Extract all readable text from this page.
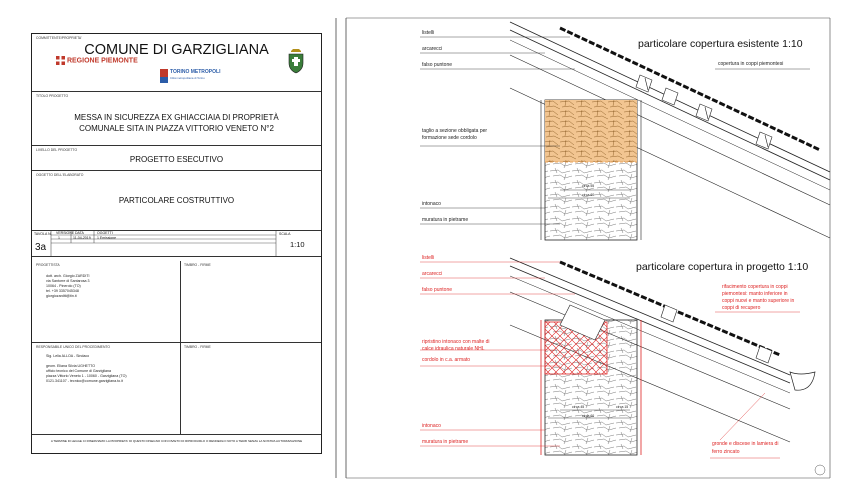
COMMITTENTE/PROPRIETA'
COMUNE DI GARZIGLIANA
REGIONE PIEMONTE
TORINO METROPOLI
Città metropolitana di Torino
TITOLO PROGETTO
MESSA IN SICUREZZA EX GHIACCIAIA DI PROPRIETÀ
COMUNALE SITA IN PIAZZA VITTORIO VENETO N°2
LIVELLO DEL PROGETTO
PROGETTO ESECUTIVO
OGGETTO DELL'ELABORATO
PARTICOLARE COSTRUTTIVO
TAVOLA N. VERSIONE DATA	OGGETTI	SCALA
1	11-04-2019 1 Emissione
3a	1:10
PROGETTISTA	TIMBRO - FIRME
dott. arch. Giorgio ZARDITI
via Santorre di Santarosa 3
10064 - Pinerolo (TO)
tel. +39 3357045348
giorgiozarditi@tin.it
RESPONSABILE UNICO DEL PROCEDIMENTO	TIMBRO - FIRME
Sig. Lelia ALLOA - Sindaco
geom. Eliana Silvia UGHETTO
ufficio tecnico del Comune di Garzigliana
piazza Vittorio Veneto 1 - 10060 - Garzigliana (TO)
0121.341107 - tecnico@comune.garzigliana.to.it
A TERMINE DI LEGGE CI RISERVIAMO LA PROPRIETA' DI QUESTO DISEGNO CON DIVIETO DI RIPRODURLO O RENDERLO NOTO A TERZI SENZA LA NOSTRA AUTORIZZAZIONE
particolare copertura esistente 1:10
listelli
arcarecci
falso puntone	copertura in coppi piemontesi
taglio a sezione obbligata per
formazione sede cordolo
intonaco
muratura in pietrame
circa 55
circa 60
particolare copertura in progetto 1:10
listelli
arcarecci
falso puntone	rifacimento copertura in coppi
piemontesi: manto inferiore in
coppi nuovi e manto superiore in
coppi di recupero
ripristino intonaco con malte di
calce idraulica naturale NHL
cordolo in c.a. armato
intonaco
muratura in pietrame	gronde e discese in lamiera di
ferro zincato
circa 45	circa 15
circa 60
